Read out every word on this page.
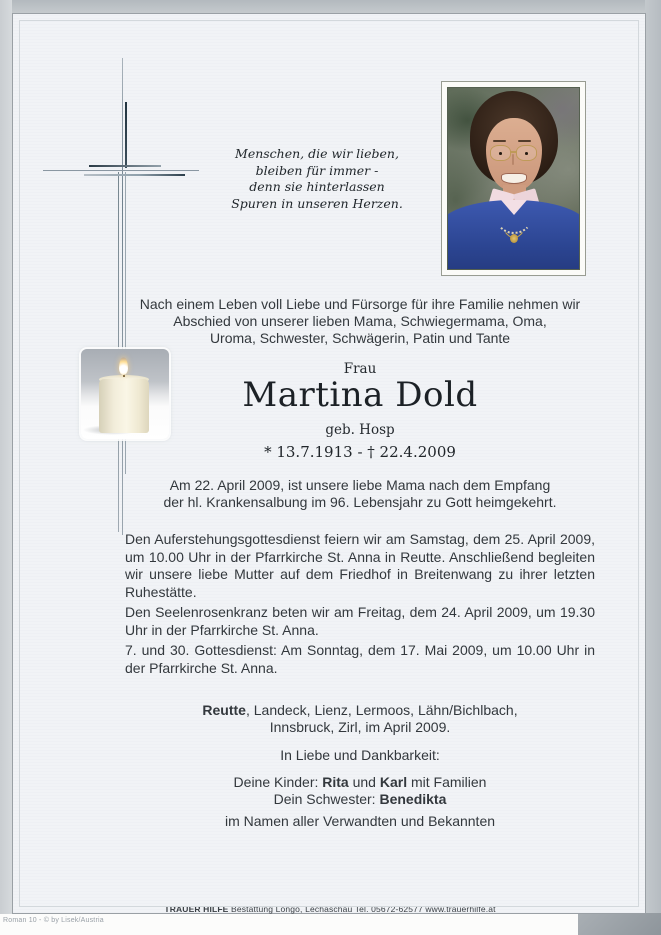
Roman 10 - © by Lisek/Austria
Menschen, die wir lieben,
bleiben für immer -
denn sie hinterlassen
Spuren in unseren Herzen.
Nach einem Leben voll Liebe und Fürsorge für ihre Familie nehmen wir
Abschied von unserer lieben Mama, Schwiegermama, Oma,
Uroma, Schwester, Schwägerin, Patin und Tante
Frau
Martina Dold
geb. Hosp
* 13.7.1913 - † 22.4.2009
Am 22. April 2009, ist unsere liebe Mama nach dem Empfang
der hl. Krankensalbung im 96. Lebensjahr zu Gott heimgekehrt.
Den Auferstehungsgottesdienst feiern wir am Samstag, dem 25. April 2009, um 10.00 Uhr in der Pfarrkirche St. Anna in Reutte. Anschließend begleiten wir unsere liebe Mutter auf dem Friedhof in Breitenwang zu ihrer letzten Ruhestätte.
Den Seelenrosenkranz beten wir am Freitag, dem 24. April 2009, um 19.30 Uhr in der Pfarrkirche St. Anna.
7. und 30. Gottesdienst: Am Sonntag, dem 17. Mai 2009, um 10.00 Uhr in der Pfarrkirche St. Anna.
Reutte, Landeck, Lienz, Lermoos, Lähn/Bichlbach,
Innsbruck, Zirl, im April 2009.
In Liebe und Dankbarkeit:
Deine Kinder: Rita und Karl mit Familien
Dein Schwester: Benedikta
im Namen aller Verwandten und Bekannten
TRAUER HILFE Bestattung Longo, Lechaschau Tel. 05672-62577 www.trauerhilfe.at
